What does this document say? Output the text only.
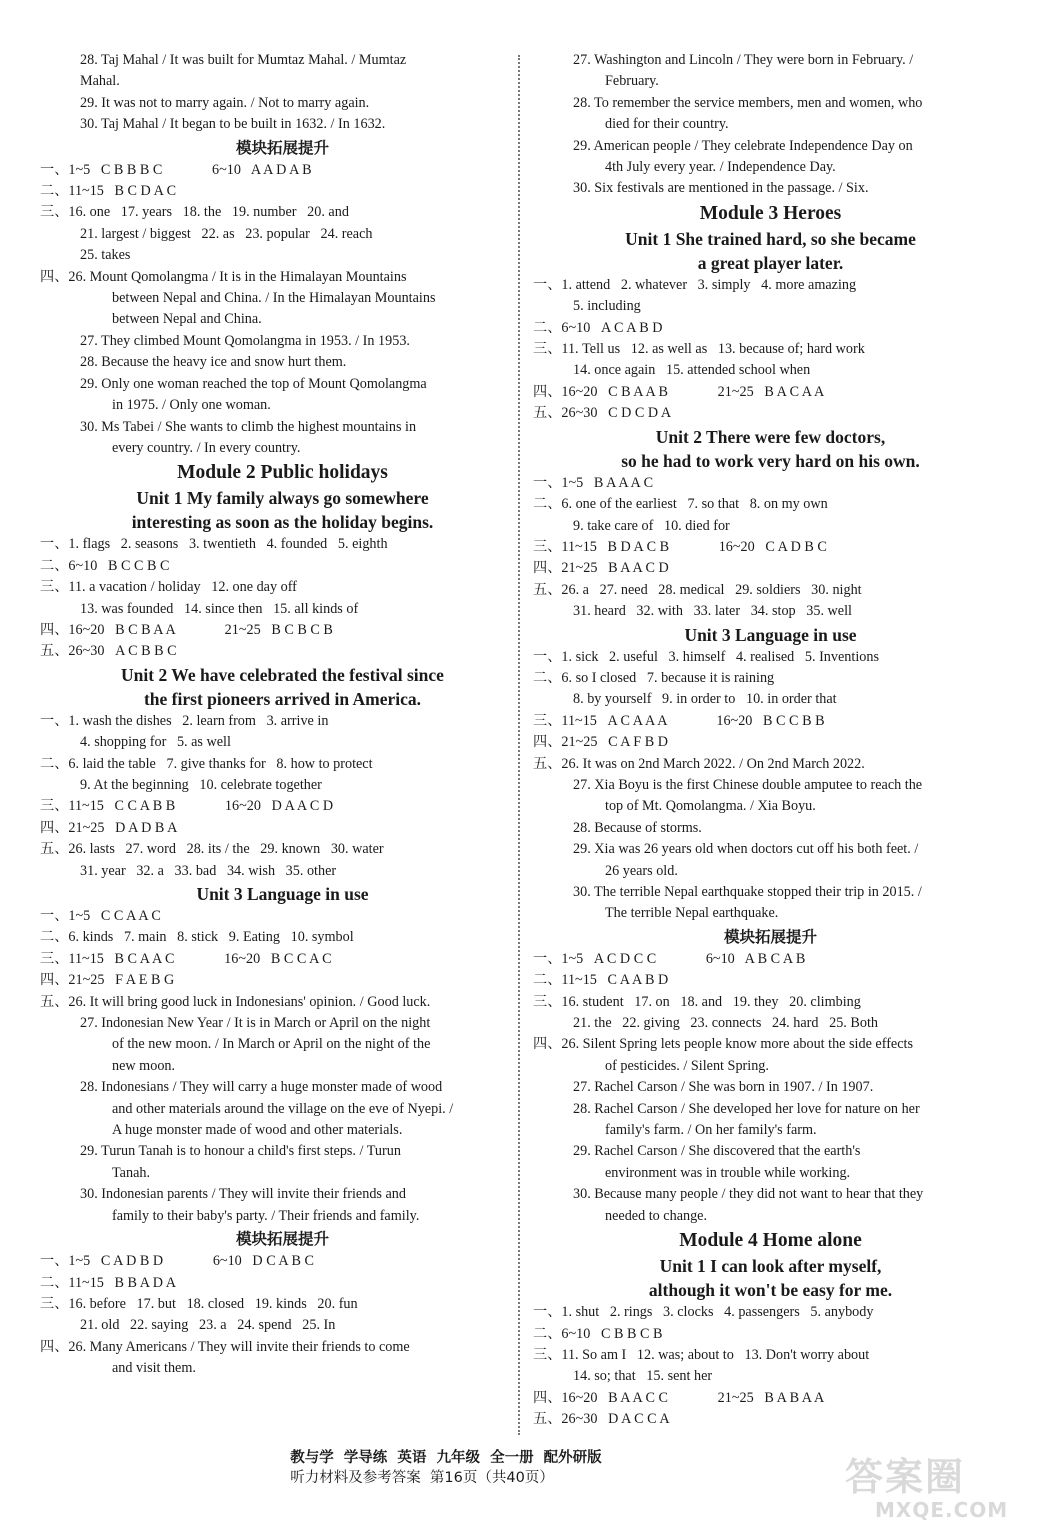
28. Taj Mahal / It was built for Mumtaz Mahal. / Mumtaz
Mahal.
29. It was not to marry again. / Not to marry again.
30. Taj Mahal / It began to be built in 1632. / In 1632.
模块拓展提升
一、1~5   C B B B C              6~10   A A D A B
二、11~15   B C D A C
三、16. one   17. years   18. the   19. number   20. and
21. largest / biggest   22. as   23. popular   24. reach
25. takes
四、26. Mount Qomolangma / It is in the Himalayan Mountains
between Nepal and China. / In the Himalayan Mountains
between Nepal and China.
27. They climbed Mount Qomolangma in 1953. / In 1953.
28. Because the heavy ice and snow hurt them.
29. Only one woman reached the top of Mount Qomolangma
in 1975. / Only one woman.
30. Ms Tabei / She wants to climb the highest mountains in
every country. / In every country.
Module 2 Public holidays
Unit 1 My family always go somewhere
interesting as soon as the holiday begins.
一、1. flags   2. seasons   3. twentieth   4. founded   5. eighth
二、6~10   B C C B C
三、11. a vacation / holiday   12. one day off
13. was founded   14. since then   15. all kinds of
四、16~20   B C B A A              21~25   B C B C B
五、26~30   A C B B C
Unit 2 We have celebrated the festival since
the first pioneers arrived in America.
一、1. wash the dishes   2. learn from   3. arrive in
4. shopping for   5. as well
二、6. laid the table   7. give thanks for   8. how to protect
9. At the beginning   10. celebrate together
三、11~15   C C A B B              16~20   D A A C D
四、21~25   D A D B A
五、26. lasts   27. word   28. its / the   29. known   30. water
31. year   32. a   33. bad   34. wish   35. other
Unit 3 Language in use
一、1~5   C C A A C
二、6. kinds   7. main   8. stick   9. Eating   10. symbol
三、11~15   B C A A C              16~20   B C C A C
四、21~25   F A E B G
五、26. It will bring good luck in Indonesians' opinion. / Good luck.
27. Indonesian New Year / It is in March or April on the night
of the new moon. / In March or April on the night of the
new moon.
28. Indonesians / They will carry a huge monster made of wood
and other materials around the village on the eve of Nyepi. /
A huge monster made of wood and other materials.
29. Turun Tanah is to honour a child's first steps. / Turun
Tanah.
30. Indonesian parents / They will invite their friends and
family to their baby's party. / Their friends and family.
模块拓展提升
一、1~5   C A D B D              6~10   D C A B C
二、11~15   B B A D A
三、16. before   17. but   18. closed   19. kinds   20. fun
21. old   22. saying   23. a   24. spend   25. In
四、26. Many Americans / They will invite their friends to come
and visit them.
27. Washington and Lincoln / They were born in February. /
February.
28. To remember the service members, men and women, who
died for their country.
29. American people / They celebrate Independence Day on
4th July every year. / Independence Day.
30. Six festivals are mentioned in the passage. / Six.
Module 3 Heroes
Unit 1 She trained hard, so she became
a great player later.
一、1. attend   2. whatever   3. simply   4. more amazing
5. including
二、6~10   A C A B D
三、11. Tell us   12. as well as   13. because of; hard work
14. once again   15. attended school when
四、16~20   C B A A B              21~25   B A C A A
五、26~30   C D C D A
Unit 2 There were few doctors,
so he had to work very hard on his own.
一、1~5   B A A A C
二、6. one of the earliest   7. so that   8. on my own
9. take care of   10. died for
三、11~15   B D A C B              16~20   C A D B C
四、21~25   B A A C D
五、26. a   27. need   28. medical   29. soldiers   30. night
31. heard   32. with   33. later   34. stop   35. well
Unit 3 Language in use
一、1. sick   2. useful   3. himself   4. realised   5. Inventions
二、6. so I closed   7. because it is raining
8. by yourself   9. in order to   10. in order that
三、11~15   A C A A A              16~20   B C C B B
四、21~25   C A F B D
五、26. It was on 2nd March 2022. / On 2nd March 2022.
27. Xia Boyu is the first Chinese double amputee to reach the
top of Mt. Qomolangma. / Xia Boyu.
28. Because of storms.
29. Xia was 26 years old when doctors cut off his both feet. /
26 years old.
30. The terrible Nepal earthquake stopped their trip in 2015. /
The terrible Nepal earthquake.
模块拓展提升
一、1~5   A C D C C              6~10   A B C A B
二、11~15   C A A B D
三、16. student   17. on   18. and   19. they   20. climbing
21. the   22. giving   23. connects   24. hard   25. Both
四、26. Silent Spring lets people know more about the side effects
of pesticides. / Silent Spring.
27. Rachel Carson / She was born in 1907. / In 1907.
28. Rachel Carson / She developed her love for nature on her
family's farm. / On her family's farm.
29. Rachel Carson / She discovered that the earth's
environment was in trouble while working.
30. Because many people / they did not want to hear that they
needed to change.
Module 4 Home alone
Unit 1 I can look after myself,
although it won't be easy for me.
一、1. shut   2. rings   3. clocks   4. passengers   5. anybody
二、6~10   C B B C B
三、11. So am I   12. was; about to   13. Don't worry about
14. so; that   15. sent her
四、16~20   B A A C C              21~25   B A B A A
五、26~30   D A C C A

教与学  学导练  英语  九年级  全一册  配外研版
听力材料及参考答案  第16页（共40页）
	答案圈
MXQE.COM
